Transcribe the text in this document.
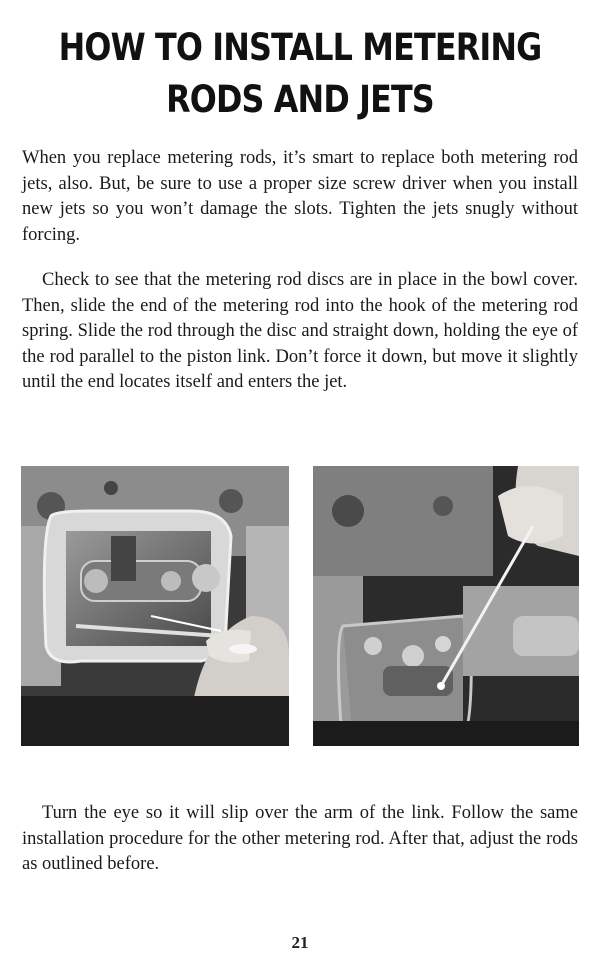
HOW TO INSTALL METERING
RODS AND JETS

When you replace metering rods, it’s smart to replace both metering rod jets, also. But, be sure to use a proper size screw driver when you install new jets so you won’t damage the slots. Tighten the jets snugly without forcing.

Check to see that the metering rod discs are in place in the bowl cover. Then, slide the end of the metering rod into the hook of the metering rod spring. Slide the rod through the disc and straight down, holding the eye of the rod parallel to the piston link. Don’t force it down, but move it slightly until the end locates itself and enters the jet.

Turn the eye so it will slip over the arm of the link. Follow the same installation procedure for the other metering rod. After that, adjust the rods as outlined before.

21
